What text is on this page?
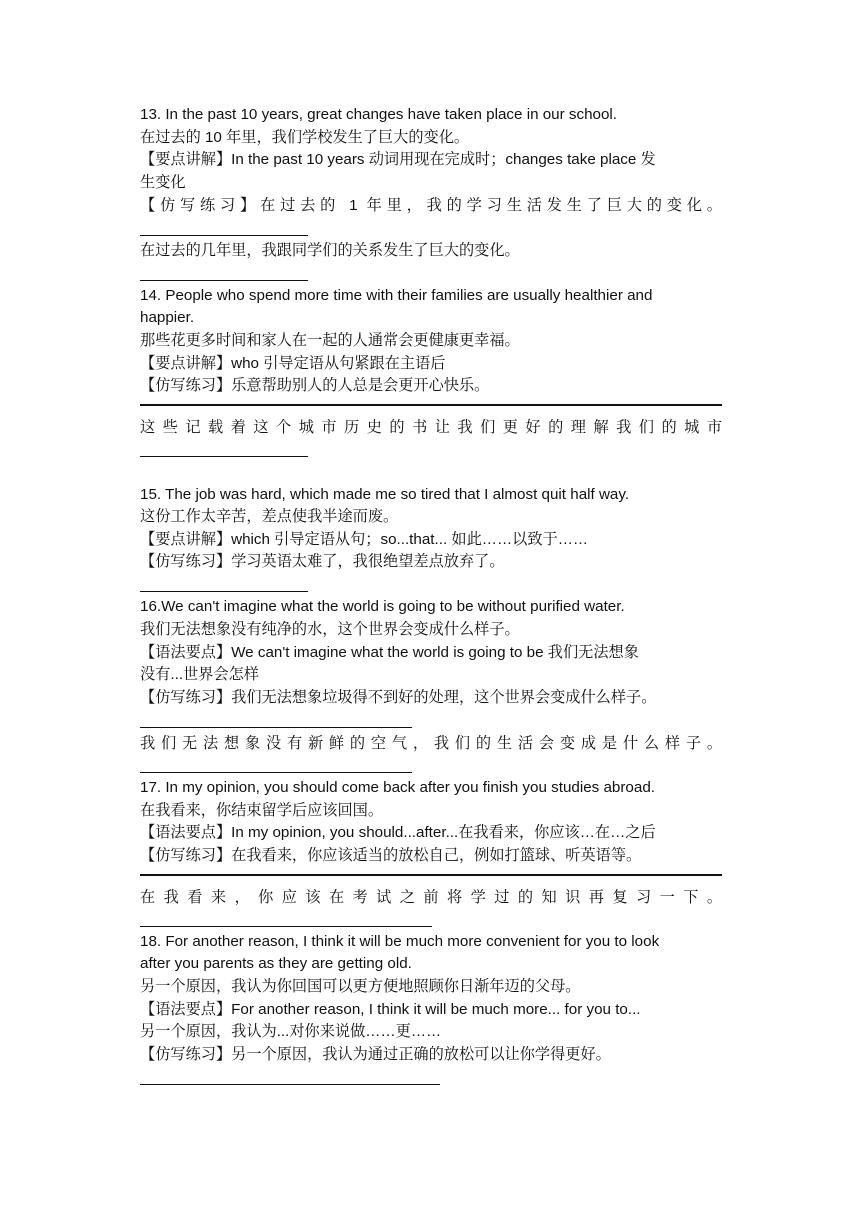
13. In the past 10 years, great changes have taken place in our school.
在过去的 10 年里，我们学校发生了巨大的变化。
【要点讲解】In the past 10 years 动词用现在完成时；changes take place 发
生变化
【仿写练习】在过去的 1 年里，我的学习生活发生了巨大的变化。
在过去的几年里，我跟同学们的关系发生了巨大的变化。
14. People who spend more time with their families are usually healthier and
happier.
那些花更多时间和家人在一起的人通常会更健康更幸福。
【要点讲解】who 引导定语从句紧跟在主语后
【仿写练习】乐意帮助别人的人总是会更开心快乐。
这些记载着这个城市历史的书让我们更好的理解我们的城市
15. The job was hard, which made me so tired that I almost quit half way.
这份工作太辛苦，差点使我半途而废。
【要点讲解】which 引导定语从句；so...that... 如此……以致于……
【仿写练习】学习英语太难了，我很绝望差点放弃了。
16.We can't imagine what the world is going to be without purified water.
我们无法想象没有纯净的水，这个世界会变成什么样子。
【语法要点】We can't imagine what the world is going to be 我们无法想象
没有...世界会怎样
【仿写练习】我们无法想象垃圾得不到好的处理，这个世界会变成什么样子。
我们无法想象没有新鲜的空气，我们的生活会变成是什么样子。
17. In my opinion, you should come back after you finish you studies abroad.
在我看来，你结束留学后应该回国。
【语法要点】In my opinion, you should...after...在我看来，你应该…在…之后
【仿写练习】在我看来，你应该适当的放松自己，例如打篮球、听英语等。
在我看来，你应该在考试之前将学过的知识再复习一下。
18. For another reason, I think it will be much more convenient for you to look
after you parents as they are getting old.
另一个原因，我认为你回国可以更方便地照顾你日渐年迈的父母。
【语法要点】For another reason, I think it will be much more... for you to...
另一个原因，我认为...对你来说做……更……
【仿写练习】另一个原因，我认为通过正确的放松可以让你学得更好。
